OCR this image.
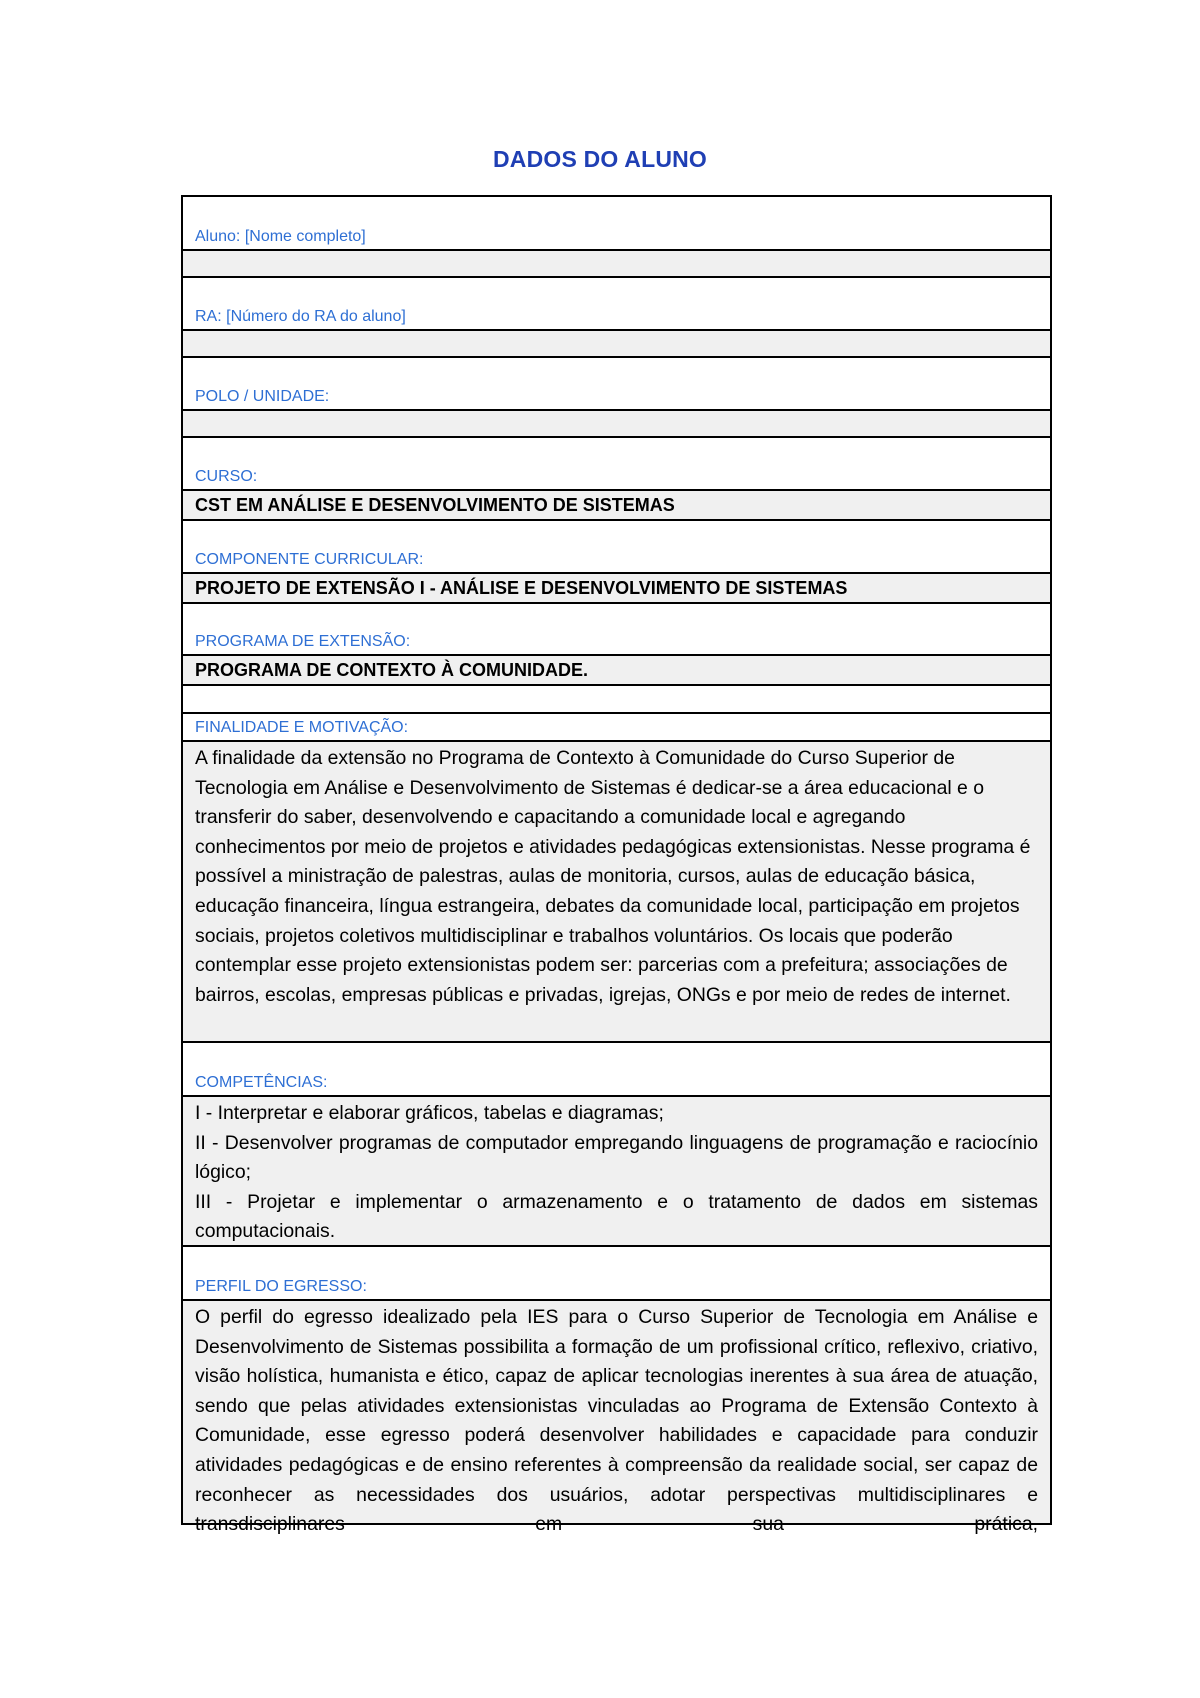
DADOS DO ALUNO
Aluno: [Nome completo]
RA: [Número do RA do aluno]
POLO / UNIDADE:
CURSO:
CST EM ANÁLISE E DESENVOLVIMENTO DE SISTEMAS
COMPONENTE CURRICULAR:
PROJETO DE EXTENSÃO I - ANÁLISE E DESENVOLVIMENTO DE SISTEMAS
PROGRAMA DE EXTENSÃO:
PROGRAMA DE CONTEXTO À COMUNIDADE.
FINALIDADE E MOTIVAÇÃO:
A finalidade da extensão no Programa de Contexto à Comunidade do Curso Superior de Tecnologia em Análise e Desenvolvimento de Sistemas é dedicar-se a área educacional e o transferir do saber, desenvolvendo e capacitando a comunidade local e agregando conhecimentos por meio de projetos e atividades pedagógicas extensionistas. Nesse programa é possível a ministração de palestras, aulas de monitoria, cursos, aulas de educação básica, educação financeira, língua estrangeira, debates da comunidade local, participação em projetos sociais, projetos coletivos multidisciplinar e trabalhos voluntários. Os locais que poderão contemplar esse projeto extensionistas podem ser: parcerias com a prefeitura; associações de bairros, escolas, empresas públicas e privadas, igrejas, ONGs e por meio de redes de internet.
COMPETÊNCIAS:

I - Interpretar e elaborar gráficos, tabelas e diagramas;

II - Desenvolver programas de computador empregando linguagens de programação e raciocínio lógico;

III - Projetar e implementar o armazenamento e o tratamento de dados em sistemas computacionais.

PERFIL DO EGRESSO:
O perfil do egresso idealizado pela IES para o Curso Superior de Tecnologia em Análise e Desenvolvimento de Sistemas possibilita a formação de um profissional crítico, reflexivo, criativo, visão holística, humanista e ético, capaz de aplicar tecnologias inerentes à sua área de atuação, sendo que pelas atividades extensionistas vinculadas ao Programa de Extensão Contexto à Comunidade, esse egresso poderá desenvolver habilidades e capacidade para conduzir atividades pedagógicas e de ensino referentes à compreensão da realidade social, ser capaz de reconhecer as necessidades dos usuários, adotar perspectivas multidisciplinares e transdisciplinares em sua prática,
